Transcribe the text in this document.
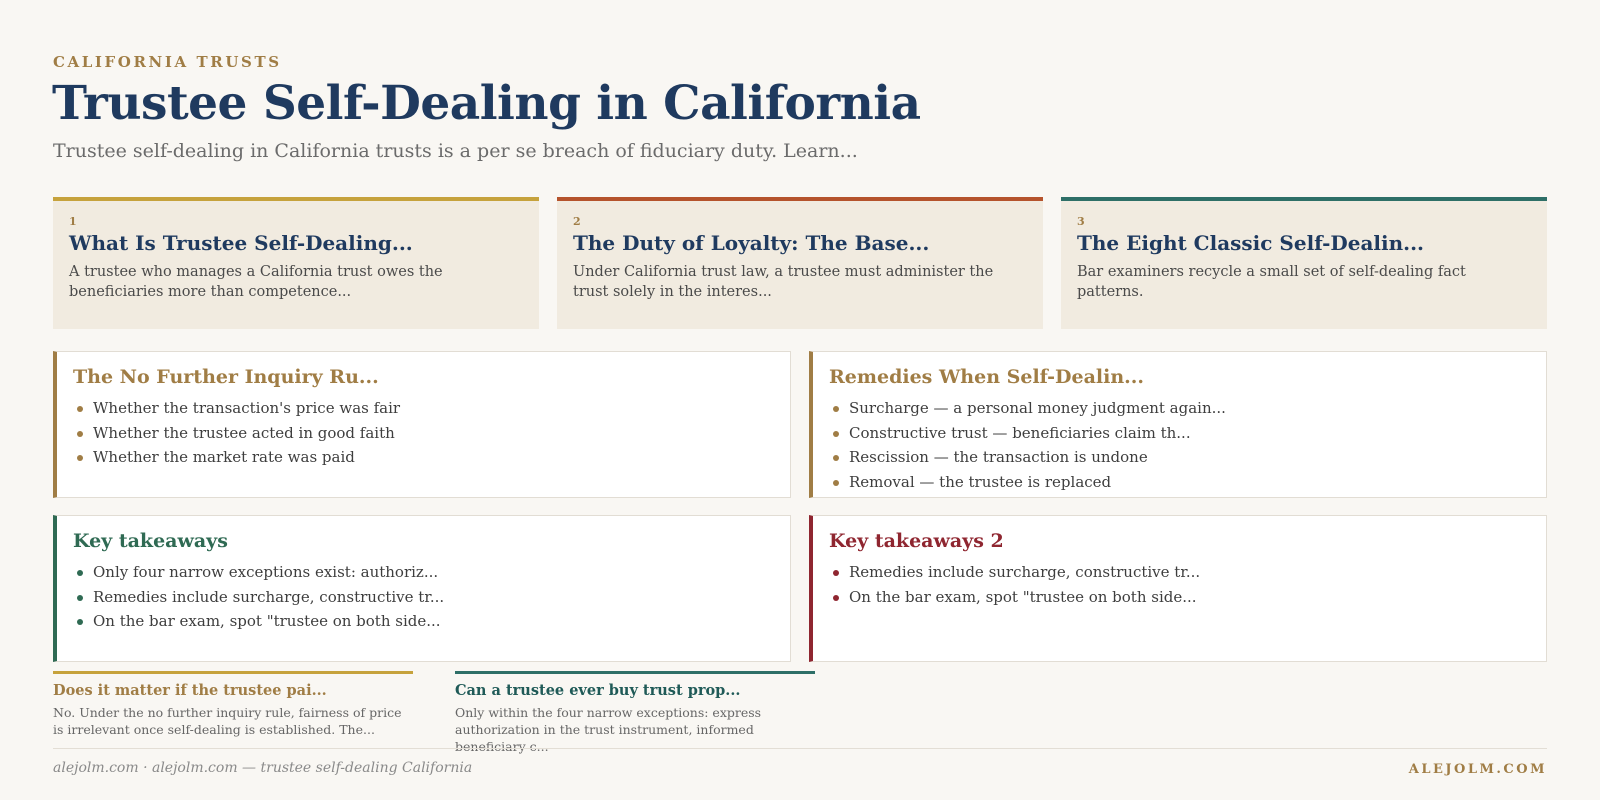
CALIFORNIA TRUSTS
Trustee Self-Dealing in California
Trustee self-dealing in California trusts is a per se breach of fiduciary duty. Learn...
1
What Is Trustee Self-Dealing...
A trustee who manages a California trust owes the beneficiaries more than competence...
2
The Duty of Loyalty: The Base...
Under California trust law, a trustee must administer the trust solely in the interes...
3
The Eight Classic Self-Dealin...
Bar examiners recycle a small set of self-dealing fact patterns.
The No Further Inquiry Ru...
Whether the transaction's price was fair
Whether the trustee acted in good faith
Whether the market rate was paid
Remedies When Self-Dealin...
Surcharge — a personal money judgment again...
Constructive trust — beneficiaries claim th...
Rescission — the transaction is undone
Removal — the trustee is replaced
Key takeaways
Only four narrow exceptions exist: authoriz...
Remedies include surcharge, constructive tr...
On the bar exam, spot "trustee on both side...
Key takeaways 2
Remedies include surcharge, constructive tr...
On the bar exam, spot "trustee on both side...
Does it matter if the trustee pai...
No. Under the no further inquiry rule, fairness of price is irrelevant once self-dealing is established. The...
Can a trustee ever buy trust prop...
Only within the four narrow exceptions: express authorization in the trust instrument, informed beneficiary c...
alejolm.com · alejolm.com — trustee self-dealing California	ALEJOLM.COM
